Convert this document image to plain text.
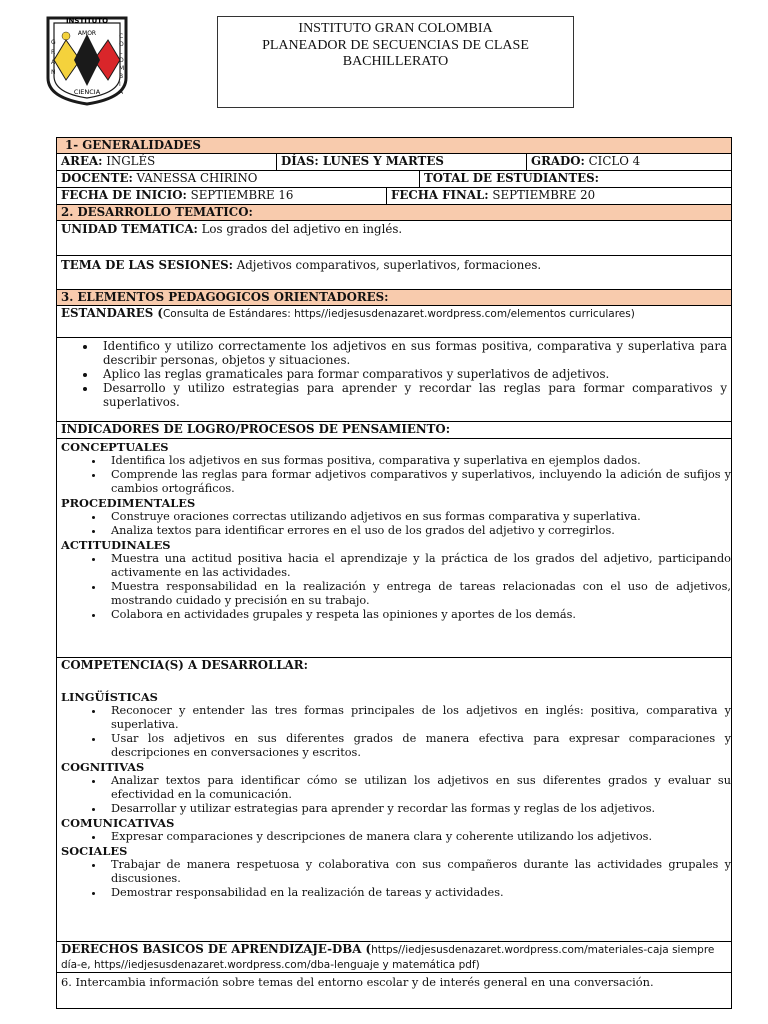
INSTITUTO
AMOR
CIENCIA
G
R
A
N
C
O
L
O
M
B
I
A
INSTITUTO GRAN COLOMBIA
PLANEADOR DE SECUENCIAS DE CLASE
BACHILLERATO
1- GENERALIDADES
AREA: INGLÉS	DÍAS: LUNES Y MARTES	GRADO: CICLO 4
DOCENTE: VANESSA CHIRINO	TOTAL DE ESTUDIANTES:
FECHA DE INICIO: SEPTIEMBRE 16	FECHA FINAL: SEPTIEMBRE 20
2. DESARROLLO TEMATICO:
UNIDAD TEMATICA: Los grados del adjetivo en inglés.
TEMA DE LAS SESIONES: Adjetivos comparativos, superlativos, formaciones.
3. ELEMENTOS PEDAGOGICOS ORIENTADORES:
ESTANDARES (Consulta de Estándares: https//iedjesusdenazaret.wordpress.com/elementos curriculares)
• Identifico y utilizo correctamente los adjetivos en sus formas positiva, comparativa y superlativa para describir personas, objetos y situaciones.
• Aplico las reglas gramaticales para formar comparativos y superlativos de adjetivos.
• Desarrollo y utilizo estrategias para aprender y recordar las reglas para formar comparativos y superlativos.
INDICADORES DE LOGRO/PROCESOS DE PENSAMIENTO:
CONCEPTUALES
• Identifica los adjetivos en sus formas positiva, comparativa y superlativa en ejemplos dados.
• Comprende las reglas para formar adjetivos comparativos y superlativos, incluyendo la adición de sufijos y cambios ortográficos.
PROCEDIMENTALES
• Construye oraciones correctas utilizando adjetivos en sus formas comparativa y superlativa.
• Analiza textos para identificar errores en el uso de los grados del adjetivo y corregirlos.
ACTITUDINALES
• Muestra una actitud positiva hacia el aprendizaje y la práctica de los grados del adjetivo, participando activamente en las actividades.
• Muestra responsabilidad en la realización y entrega de tareas relacionadas con el uso de adjetivos, mostrando cuidado y precisión en su trabajo.
• Colabora en actividades grupales y respeta las opiniones y aportes de los demás.
COMPETENCIA(S) A DESARROLLAR:
LINGÜÍSTICAS
• Reconocer y entender las tres formas principales de los adjetivos en inglés: positiva, comparativa y superlativa.
• Usar los adjetivos en sus diferentes grados de manera efectiva para expresar comparaciones y descripciones en conversaciones y escritos.
COGNITIVAS
• Analizar textos para identificar cómo se utilizan los adjetivos en sus diferentes grados y evaluar su efectividad en la comunicación.
• Desarrollar y utilizar estrategias para aprender y recordar las formas y reglas de los adjetivos.
COMUNICATIVAS
• Expresar comparaciones y descripciones de manera clara y coherente utilizando los adjetivos.
SOCIALES
• Trabajar de manera respetuosa y colaborativa con sus compañeros durante las actividades grupales y discusiones.
• Demostrar responsabilidad en la realización de tareas y actividades.
DERECHOS BASICOS DE APRENDIZAJE-DBA (https//iedjesusdenazaret.wordpress.com/materiales-caja siempre día-e, https//iedjesusdenazaret.wordpress.com/dba-lenguaje y matemática pdf)
6. Intercambia información sobre temas del entorno escolar y de interés general en una conversación.
